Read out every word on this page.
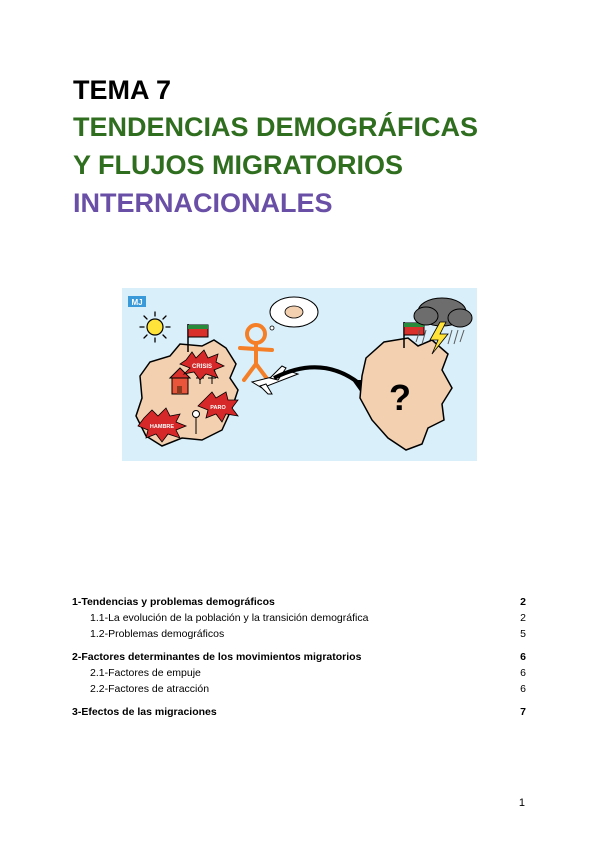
TEMA 7
TENDENCIAS DEMOGRÁFICAS
Y FLUJOS MIGRATORIOS
INTERNACIONALES
MJ
CRISIS
PARO
HAMBRE
?
1-Tendencias y problemas demográficos	2
1.1-La evolución de la población y la transición demográfica	2
1.2-Problemas demográficos	5
2-Factores determinantes de los movimientos migratorios	6
2.1-Factores de empuje	6
2.2-Factores de atracción	6
3-Efectos de las migraciones	7
1
